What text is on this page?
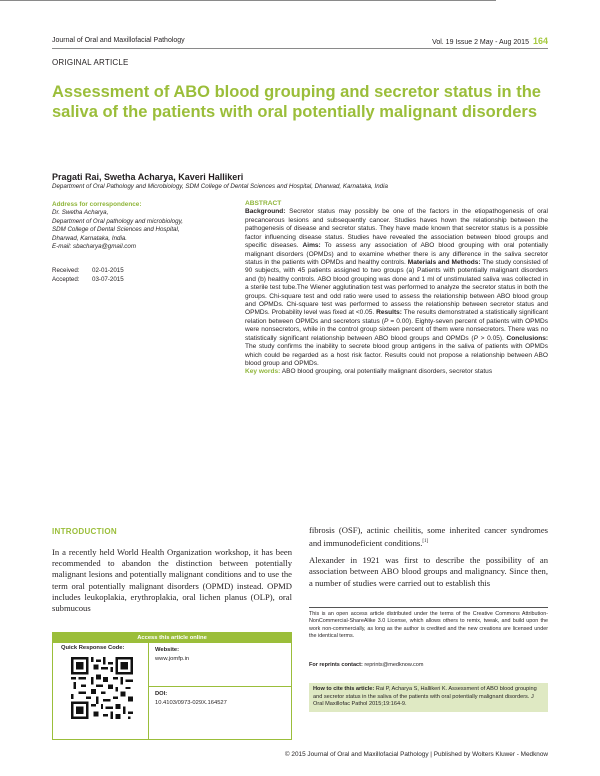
Journal of Oral and Maxillofacial Pathology	Vol. 19 Issue 2 May - Aug 2015 164
ORIGINAL ARTICLE
Assessment of ABO blood grouping and secretor status in the saliva of the patients with oral potentially malignant disorders
Pragati Rai, Swetha Acharya, Kaveri Hallikeri
Department of Oral Pathology and Microbiology, SDM College of Dental Sciences and Hospital, Dharwad, Karnataka, India
Address for correspondence:
Dr. Swetha Acharya,
Department of Oral pathology and microbiology,
SDM College of Dental Sciences and Hospital,
Dharwad, Karnataka, India.
E-mail: sbacharya@gmail.com
Received: 02-01-2015
Accepted: 03-07-2015
ABSTRACT
Background: Secretor status may possibly be one of the factors in the etiopathogenesis of oral precancerous lesions and subsequently cancer. Studies haves hown the relationship between the pathogenesis of disease and secretor status. They have made known that secretor status is a possible factor influencing disease status. Studies have revealed the association between blood groups and specific diseases. Aims: To assess any association of ABO blood grouping with oral potentially malignant disorders (OPMDs) and to examine whether there is any difference in the saliva secretor status in the patients with OPMDs and healthy controls. Materials and Methods: The study consisted of 90 subjects, with 45 patients assigned to two groups (a) Patients with potentially malignant disorders and (b) healthy controls. ABO blood grouping was done and 1 ml of unstimulated saliva was collected in a sterile test tube.The Wiener agglutination test was performed to analyze the secretor status in both the groups. Chi-square test and odd ratio were used to assess the relationship between ABO blood group and OPMDs. Chi-square test was performed to assess the relationship between secretor status and OPMDs. Probability level was fixed at <0.05. Results: The results demonstrated a statistically significant relation between OPMDs and secretors status (P = 0.00). Eighty-seven percent of patients with OPMDs were nonsecretors, while in the control group sixteen percent of them were nonsecretors. There was no statistically significant relationship between ABO blood groups and OPMDs (P > 0.05). Conclusions: The study confirms the inability to secrete blood group antigens in the saliva of patients with OPMDs which could be regarded as a host risk factor. Results could not propose a relationship between ABO blood group and OPMDs.
Key words: ABO blood grouping, oral potentially malignant disorders, secretor status
INTRODUCTION
In a recently held World Health Organization workshop, it has been recommended to abandon the distinction between potentially malignant lesions and potentially malignant conditions and to use the term oral potentially malignant disorders (OPMD) instead. OPMD includes leukoplakia, erythroplakia, oral lichen planus (OLP), oral submucous

fibrosis (OSF), actinic cheilitis, some inherited cancer syndromes and immunodeficient conditions.[1]

Alexander in 1921 was first to describe the possibility of an association between ABO blood groups and malignancy. Since then, a number of studies were carried out to establish this

This is an open access article distributed under the terms of the Creative Commons Attribution-NonCommercial-ShareAlike 3.0 License, which allows others to remix, tweak, and build upon the work non-commercially, as long as the author is credited and the new creations are licensed under the identical terms.
For reprints contact: reprints@medknow.com
How to cite this article: Rai P, Acharya S, Hallikeri K. Assessment of ABO blood grouping and secretor status in the saliva of the patients with oral potentially malignant disorders. J Oral Maxillofac Pathol 2015;19:164-9.
Access this article online
Quick Response Code:	Website:
www.jomfp.in
DOI:
10.4103/0973-029X.164527
© 2015 Journal of Oral and Maxillofacial Pathology | Published by Wolters Kluwer - Medknow
